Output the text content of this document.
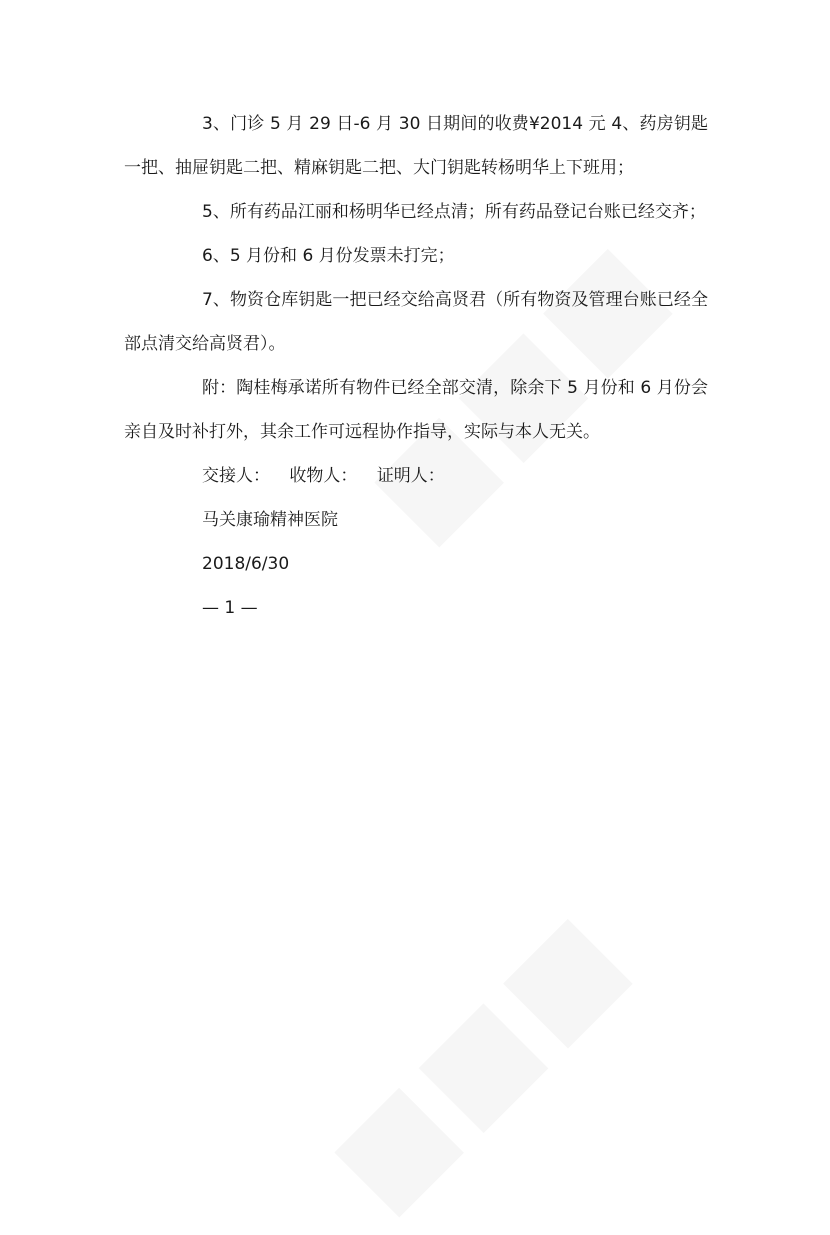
3、门诊 5 月 29 日-6 月 30 日期间的收费¥2014 元 4、药房钥匙一把、抽屉钥匙二把、精麻钥匙二把、大门钥匙转杨明华上下班用；

5、所有药品江丽和杨明华已经点清；所有药品登记台账已经交齐；

6、5 月份和 6 月份发票未打完；

7、物资仓库钥匙一把已经交给高贤君（所有物资及管理台账已经全部点清交给高贤君）。

附：陶桂梅承诺所有物件已经全部交清，除余下 5 月份和 6 月份会亲自及时补打外，其余工作可远程协作指导，实际与本人无关。

交接人： 收物人： 证明人：

马关康瑜精神医院

2018/6/30

— 1 —
